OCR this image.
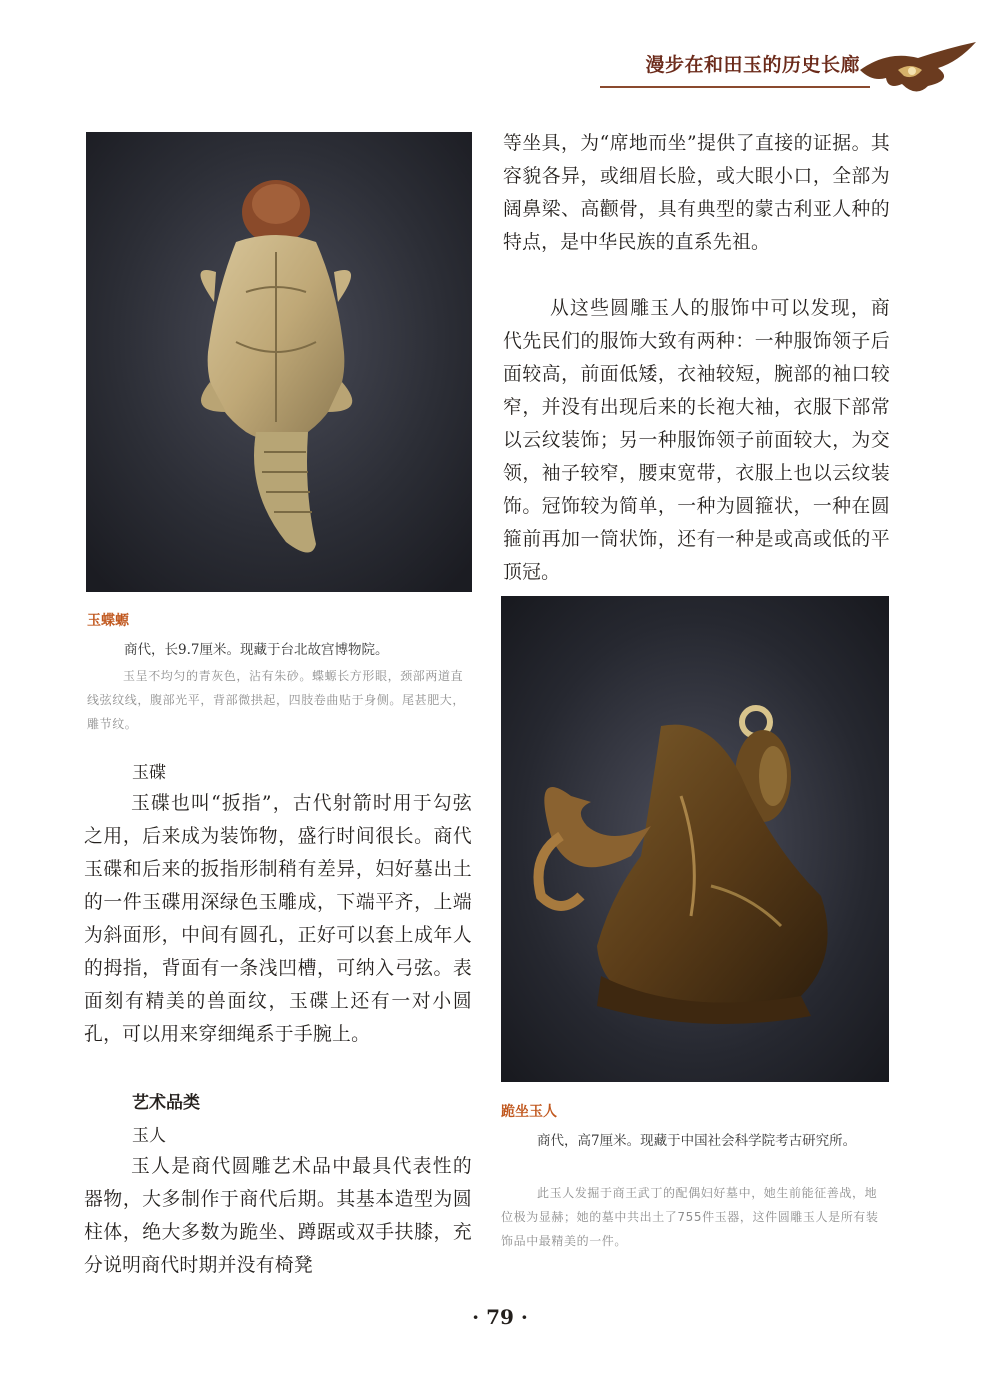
漫步在和田玉的历史长廊
玉蝶螈
商代，长9.7厘米。现藏于台北故宫博物院。
玉呈不均匀的青灰色，沾有朱砂。蝶螈长方形眼，颈部两道直线弦纹线，腹部光平，背部微拱起，四肢卷曲贴于身侧。尾甚肥大，雕节纹。
玉碟

玉碟也叫“扳指”，古代射箭时用于勾弦之用，后来成为装饰物，盛行时间很长。商代玉碟和后来的扳指形制稍有差异，妇好墓出土的一件玉碟用深绿色玉雕成，下端平齐，上端为斜面形，中间有圆孔，正好可以套上成年人的拇指，背面有一条浅凹槽，可纳入弓弦。表面刻有精美的兽面纹，玉碟上还有一对小圆孔，可以用来穿细绳系于手腕上。

艺术品类
玉人

玉人是商代圆雕艺术品中最具代表性的器物，大多制作于商代后期。其基本造型为圆柱体，绝大多数为跪坐、蹲踞或双手扶膝，充分说明商代时期并没有椅凳

等坐具，为“席地而坐”提供了直接的证据。其容貌各异，或细眉长脸，或大眼小口，全部为阔鼻梁、高颧骨，具有典型的蒙古利亚人种的特点，是中华民族的直系先祖。

从这些圆雕玉人的服饰中可以发现，商代先民们的服饰大致有两种：一种服饰领子后面较高，前面低矮，衣袖较短，腕部的袖口较窄，并没有出现后来的长袍大袖，衣服下部常以云纹装饰；另一种服饰领子前面较大，为交领，袖子较窄，腰束宽带，衣服上也以云纹装饰。冠饰较为简单，一种为圆箍状，一种在圆箍前再加一筒状饰，还有一种是或高或低的平顶冠。

跪坐玉人
商代，高7厘米。现藏于中国社会科学院考古研究所。
此玉人发掘于商王武丁的配偶妇好墓中，她生前能征善战，地位极为显赫；她的墓中共出土了755件玉器，这件圆雕玉人是所有装饰品中最精美的一件。
· 79 ·
